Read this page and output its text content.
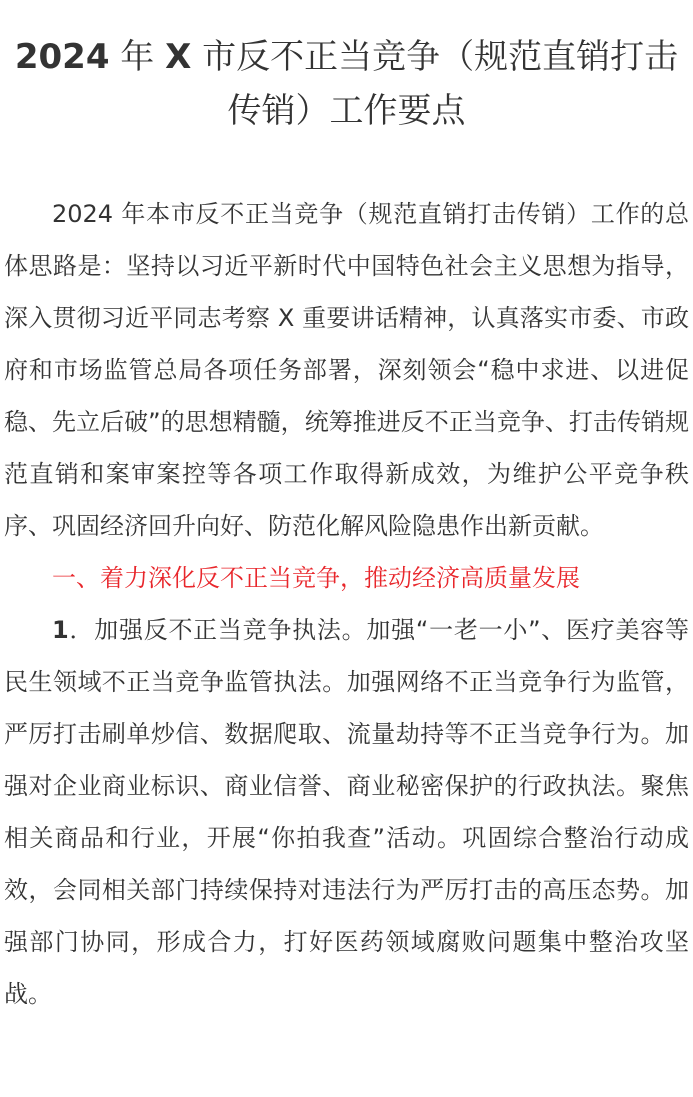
2024 年 X 市反不正当竞争（规范直销打击传销）工作要点

2024 年本市反不正当竞争（规范直销打击传销）工作的总体思路是：坚持以习近平新时代中国特色社会主义思想为指导，深入贯彻习近平同志考察 X 重要讲话精神，认真落实市委、市政府和市场监管总局各项任务部署，深刻领会“稳中求进、以进促稳、先立后破”的思想精髓，统筹推进反不正当竞争、打击传销规范直销和案审案控等各项工作取得新成效，为维护公平竞争秩序、巩固经济回升向好、防范化解风险隐患作出新贡献。

一、着力深化反不正当竞争，推动经济高质量发展

1．加强反不正当竞争执法。加强“一老一小”、医疗美容等民生领域不正当竞争监管执法。加强网络不正当竞争行为监管，严厉打击刷单炒信、数据爬取、流量劫持等不正当竞争行为。加强对企业商业标识、商业信誉、商业秘密保护的行政执法。聚焦相关商品和行业，开展“你拍我查”活动。巩固综合整治行动成效，会同相关部门持续保持对违法行为严厉打击的高压态势。加强部门协同，形成合力，打好医药领域腐败问题集中整治攻坚战。
